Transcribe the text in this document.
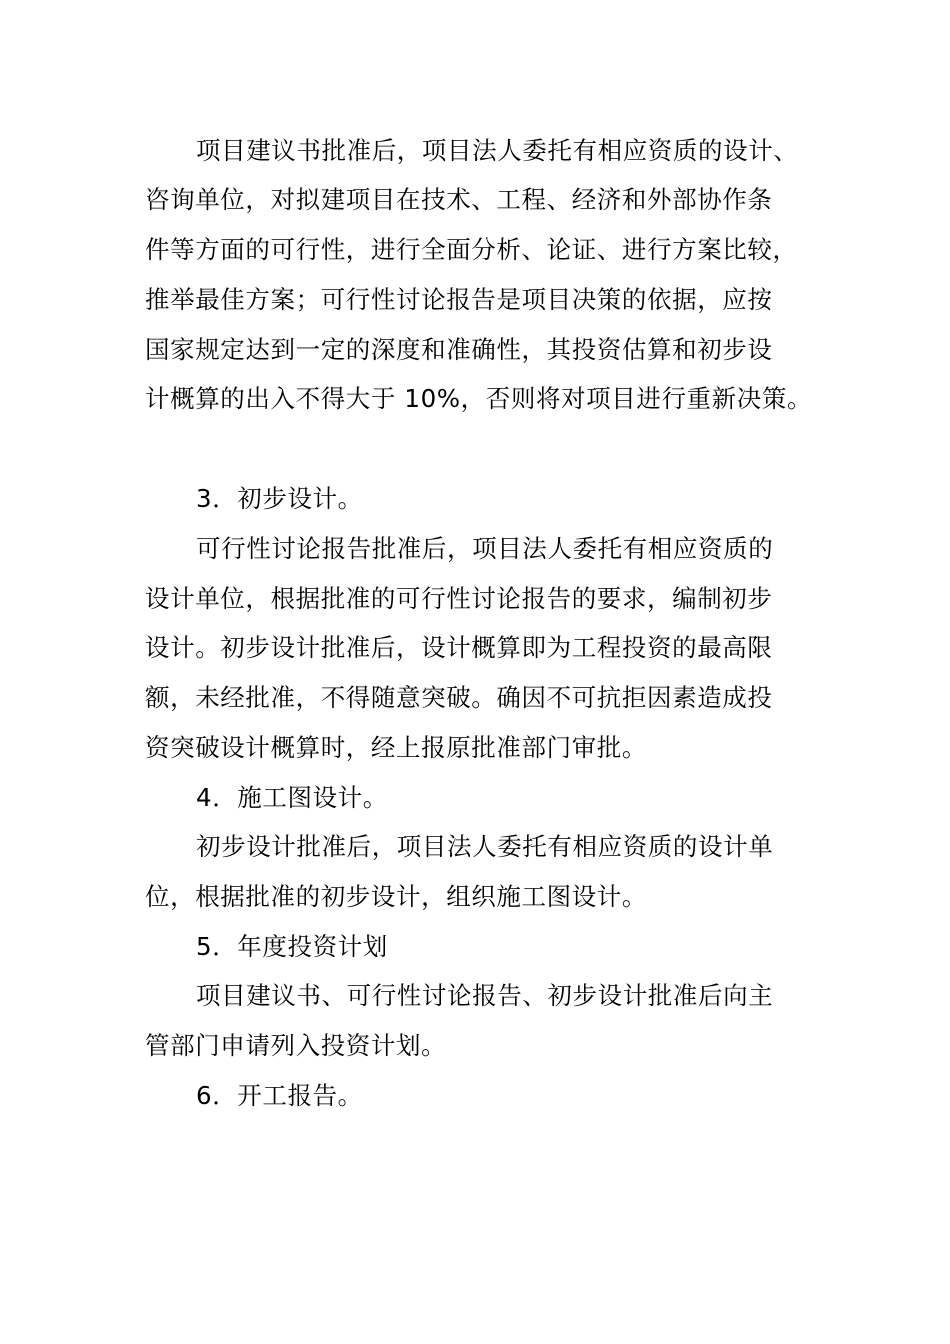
项目建议书批准后，项目法人委托有相应资质的设计、
咨询单位，对拟建项目在技术、工程、经济和外部协作条
件等方面的可行性，进行全面分析、论证、进行方案比较，
推举最佳方案；可行性讨论报告是项目决策的依据，应按
国家规定达到一定的深度和准确性，其投资估算和初步设
计概算的出入不得大于 10%，否则将对项目进行重新决策。
3．初步设计。
可行性讨论报告批准后，项目法人委托有相应资质的
设计单位，根据批准的可行性讨论报告的要求，编制初步
设计。初步设计批准后，设计概算即为工程投资的最高限
额，未经批准，不得随意突破。确因不可抗拒因素造成投
资突破设计概算时，经上报原批准部门审批。
4．施工图设计。
初步设计批准后，项目法人委托有相应资质的设计单
位，根据批准的初步设计，组织施工图设计。
5．年度投资计划
项目建议书、可行性讨论报告、初步设计批准后向主
管部门申请列入投资计划。
6．开工报告。
